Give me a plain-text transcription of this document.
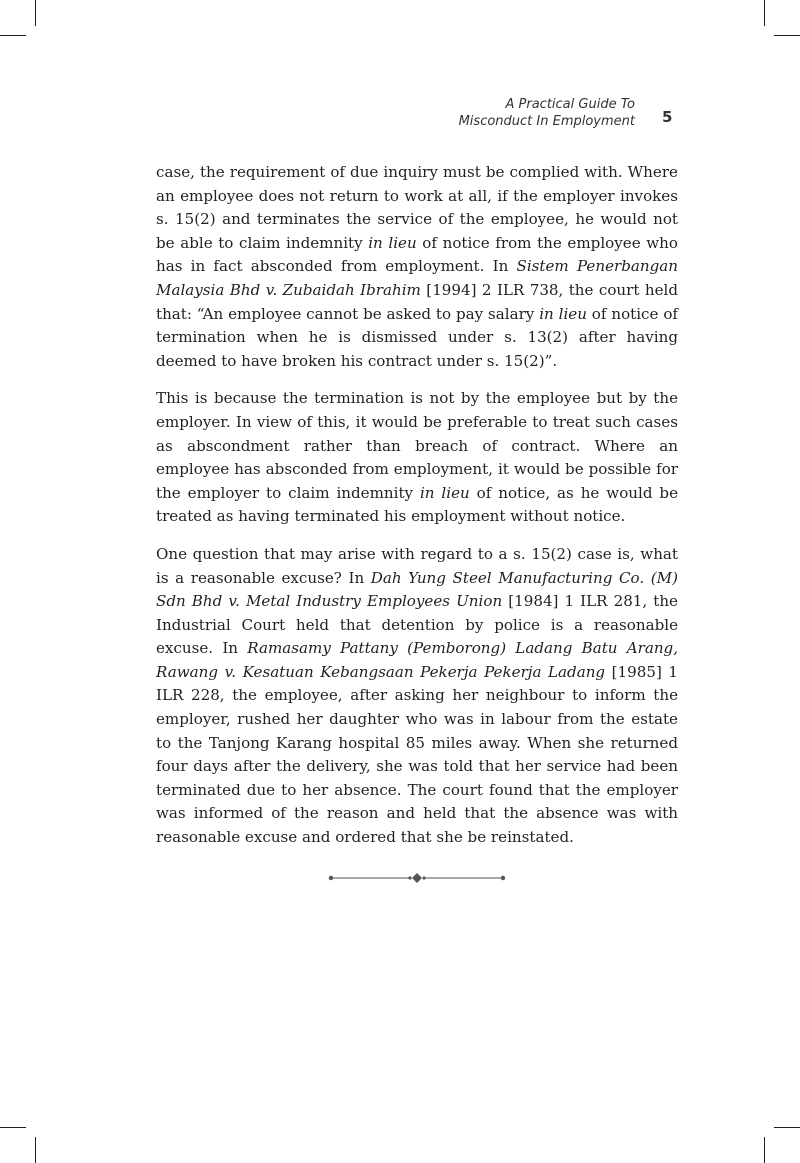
A Practical Guide To
Misconduct In Employment 5

case, the requirement of due inquiry must be complied with. Where an employee does not return to work at all, if the employer invokes s. 15(2) and terminates the service of the employee, he would not be able to claim indemnity in lieu of notice from the employee who has in fact absconded from employment. In Sistem Penerbangan Malaysia Bhd v. Zubaidah Ibrahim [1994] 2 ILR 738, the court held that: “An employee cannot be asked to pay salary in lieu of notice of termination when he is dismissed under s. 13(2) after having deemed to have broken his contract under s. 15(2)”.

This is because the termination is not by the employee but by the employer. In view of this, it would be preferable to treat such cases as abscondment rather than breach of contract. Where an employee has absconded from employment, it would be possible for the employer to claim indemnity in lieu of notice, as he would be treated as having terminated his employment without notice.

One question that may arise with regard to a s. 15(2) case is, what is a reasonable excuse? In Dah Yung Steel Manufacturing Co. (M) Sdn Bhd v. Metal Industry Employees Union [1984] 1 ILR 281, the Industrial Court held that detention by police is a reasonable excuse. In Ramasamy Pattany (Pemborong) Ladang Batu Arang, Rawang v. Kesatuan Kebangsaan Pekerja Pekerja Ladang [1985] 1 ILR 228, the employee, after asking her neighbour to inform the employer, rushed her daughter who was in labour from the estate to the Tanjong Karang hospital 85 miles away. When she returned four days after the delivery, she was told that her service had been terminated due to her absence. The court found that the employer was informed of the reason and held that the absence was with reasonable excuse and ordered that she be reinstated.
